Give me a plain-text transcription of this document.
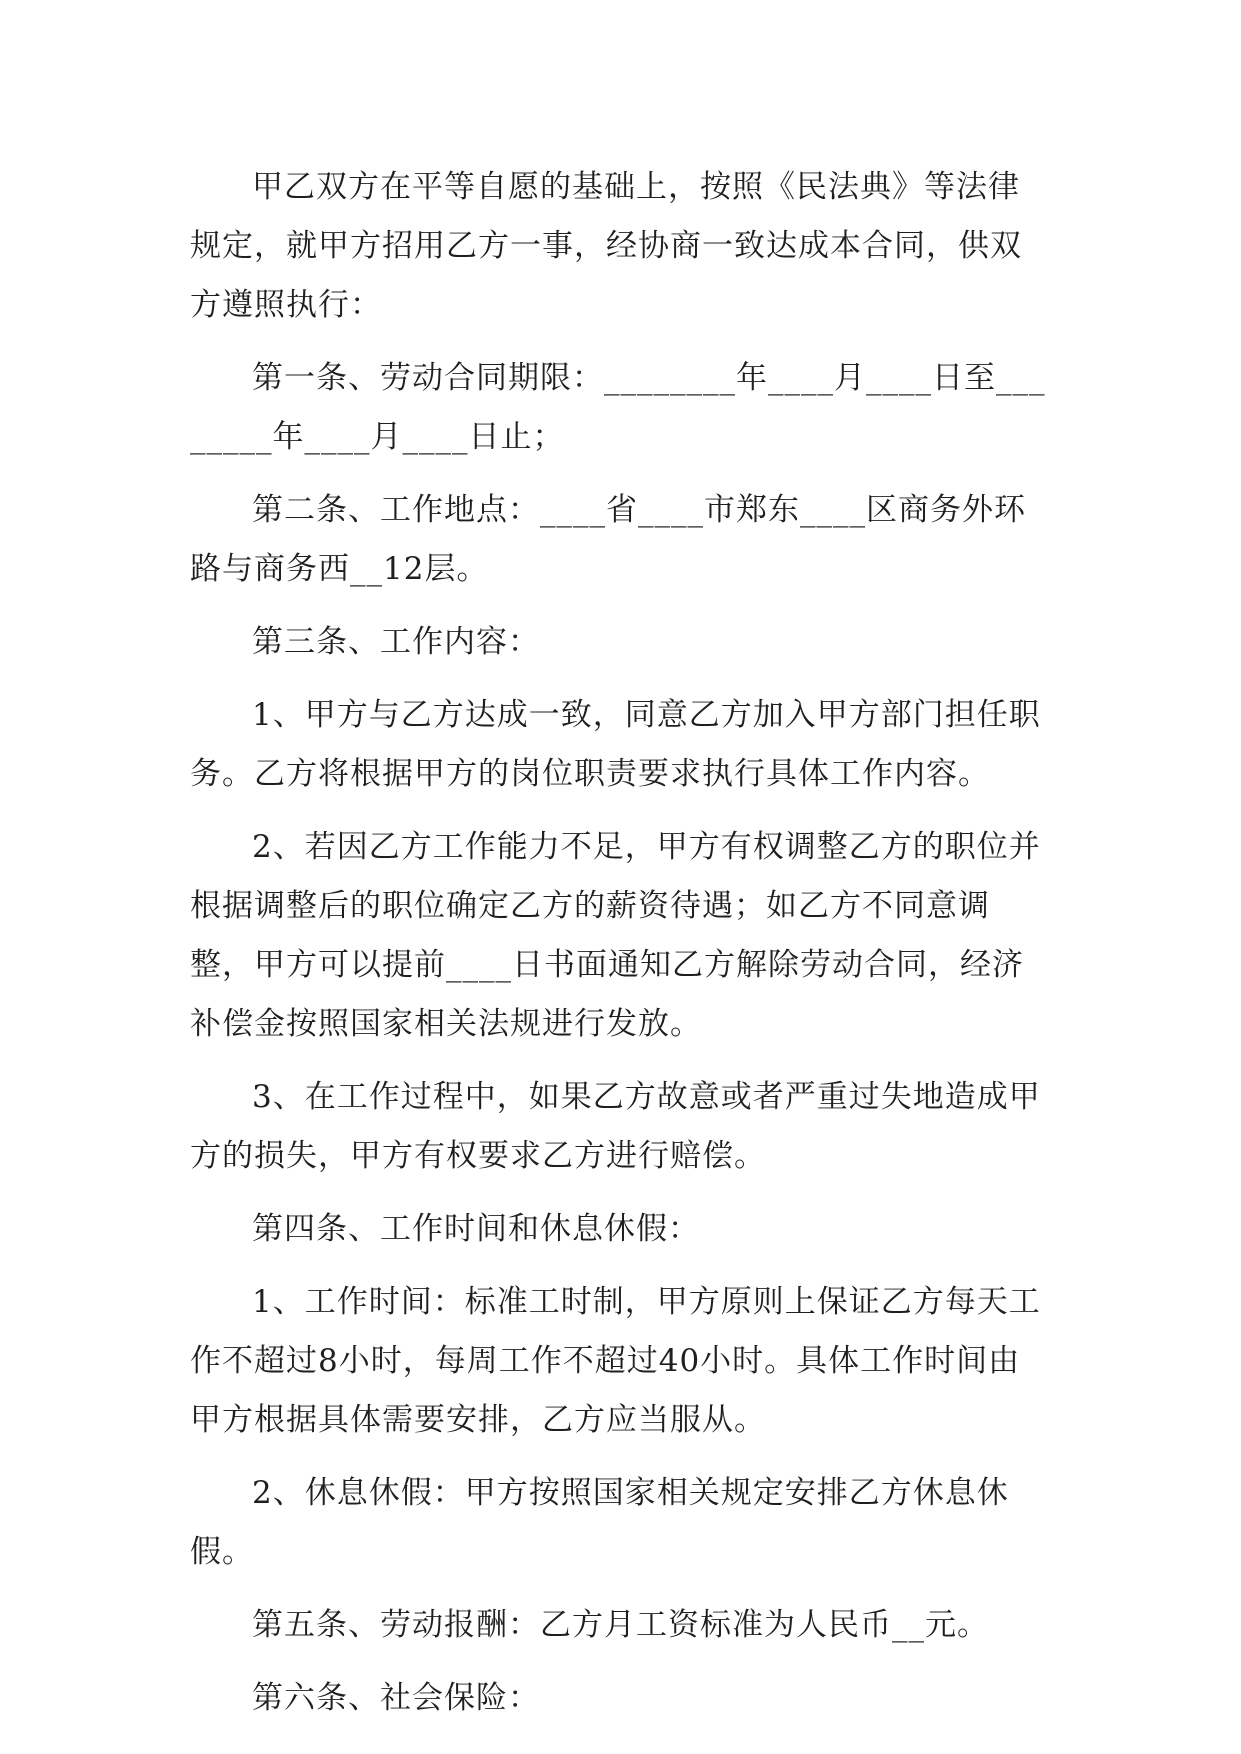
甲乙双方在平等自愿的基础上，按照《民法典》等法律规定，就甲方招用乙方一事，经协商一致达成本合同，供双方遵照执行：

第一条、劳动合同期限：________年____月____日至________年____月____日止；

第二条、工作地点：____省____市郑东____区商务外环路与商务西__12层。

第三条、工作内容：

1、甲方与乙方达成一致，同意乙方加入甲方部门担任职务。乙方将根据甲方的岗位职责要求执行具体工作内容。

2、若因乙方工作能力不足，甲方有权调整乙方的职位并根据调整后的职位确定乙方的薪资待遇；如乙方不同意调整，甲方可以提前____日书面通知乙方解除劳动合同，经济补偿金按照国家相关法规进行发放。

3、在工作过程中，如果乙方故意或者严重过失地造成甲方的损失，甲方有权要求乙方进行赔偿。

第四条、工作时间和休息休假：

1、工作时间：标准工时制，甲方原则上保证乙方每天工作不超过8小时，每周工作不超过40小时。具体工作时间由甲方根据具体需要安排，乙方应当服从。

2、休息休假：甲方按照国家相关规定安排乙方休息休假。

第五条、劳动报酬：乙方月工资标准为人民币__元。

第六条、社会保险：
